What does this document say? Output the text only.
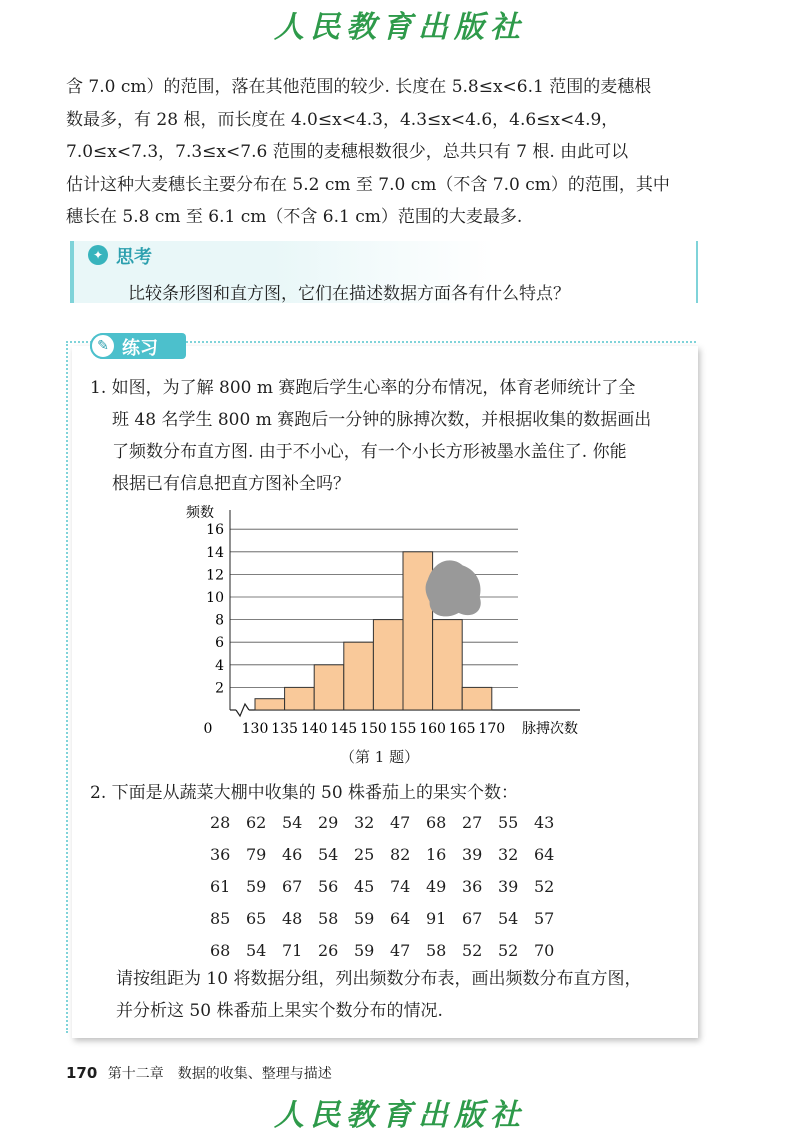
人民教育出版社

含 7.0 cm）的范围，落在其他范围的较少. 长度在 5.8≤x<6.1 范围的麦穗根

数最多，有 28 根，而长度在 4.0≤x<4.3，4.3≤x<4.6，4.6≤x<4.9，

7.0≤x<7.3，7.3≤x<7.6 范围的麦穗根数很少，总共只有 7 根. 由此可以

估计这种大麦穗长主要分布在 5.2 cm 至 7.0 cm（不含 7.0 cm）的范围，其中

穗长在 5.8 cm 至 6.1 cm（不含 6.1 cm）范围的大麦最多.

✦ 思考
比较条形图和直方图，它们在描述数据方面各有什么特点？
✎ 练习

1. 如图，为了解 800 m 赛跑后学生心率的分布情况，体育老师统计了全

班 48 名学生 800 m 赛跑后一分钟的脉搏次数，并根据收集的数据画出

了频数分布直方图. 由于不小心，有一个小长方形被墨水盖住了. 你能

根据已有信息把直方图补全吗？

2
4
6
8
10
12
14
16
130 135 140 145 150 155 160 165 170
0
频数
脉搏次数
（第 1 题）
2. 下面是从蔬菜大棚中收集的 50 株番茄上的果实个数：
28 62 54 29 32 47 68 27 55 43
36 79 46 54 25 82 16 39 32 64
61 59 67 56 45 74 49 36 39 52
85 65 48 58 59 64 91 67 54 57
68 54 71 26 59 47 58 52 52 70

请按组距为 10 将数据分组，列出频数分布表，画出频数分布直方图，

并分析这 50 株番茄上果实个数分布的情况.

170 第十二章　数据的收集、整理与描述
人民教育出版社
